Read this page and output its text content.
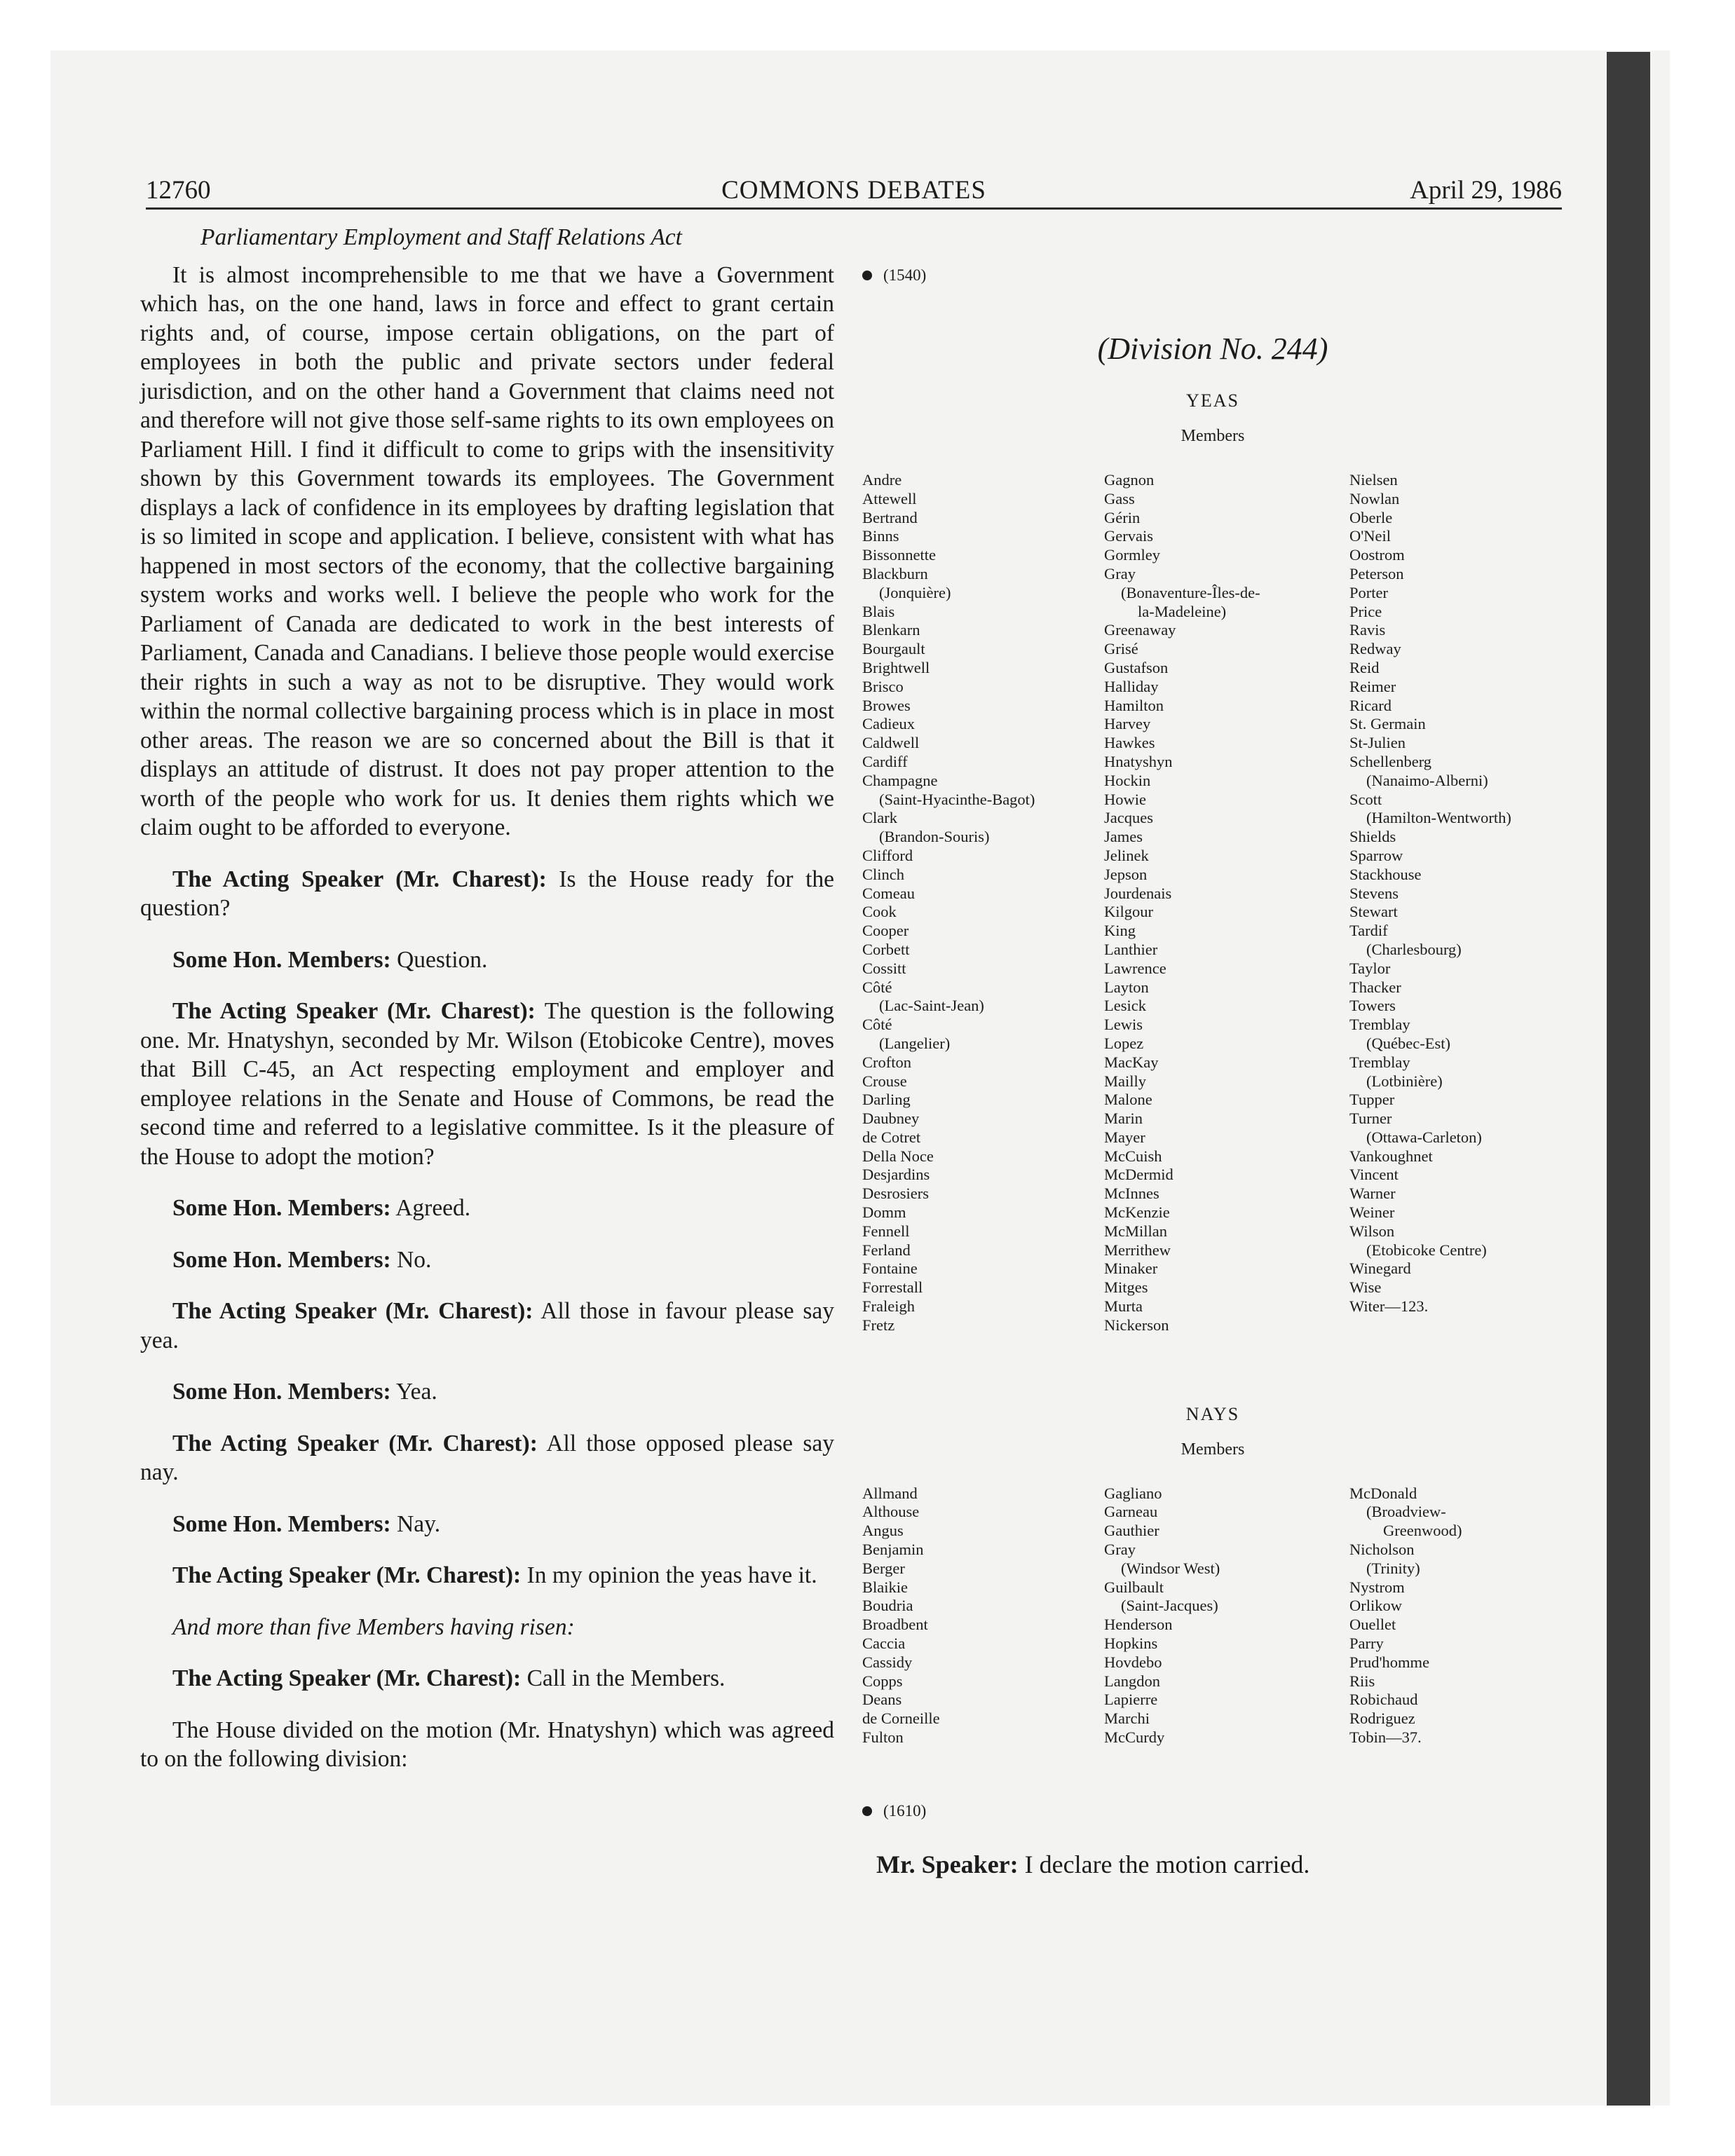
12760	COMMONS DEBATES	April 29, 1986
Parliamentary Employment and Staff Relations Act

It is almost incomprehensible to me that we have a Government which has, on the one hand, laws in force and effect to grant certain rights and, of course, impose certain obligations, on the part of employees in both the public and private sectors under federal jurisdiction, and on the other hand a Government that claims need not and therefore will not give those self-same rights to its own employees on Parliament Hill. I find it difficult to come to grips with the insensitivity shown by this Government towards its employees. The Government displays a lack of confidence in its employees by drafting legislation that is so limited in scope and application. I believe, consistent with what has happened in most sectors of the economy, that the collective bargaining system works and works well. I believe the people who work for the Parliament of Canada are dedicated to work in the best interests of Parliament, Canada and Canadians. I believe those people would exercise their rights in such a way as not to be disruptive. They would work within the normal collective bargaining process which is in place in most other areas. The reason we are so concerned about the Bill is that it displays an attitude of distrust. It does not pay proper attention to the worth of the people who work for us. It denies them rights which we claim ought to be afforded to everyone.

The Acting Speaker (Mr. Charest): Is the House ready for the question?

Some Hon. Members: Question.

The Acting Speaker (Mr. Charest): The question is the following one. Mr. Hnatyshyn, seconded by Mr. Wilson (Etobicoke Centre), moves that Bill C-45, an Act respecting employment and employer and employee relations in the Senate and House of Commons, be read the second time and referred to a legislative committee. Is it the pleasure of the House to adopt the motion?

Some Hon. Members: Agreed.

Some Hon. Members: No.

The Acting Speaker (Mr. Charest): All those in favour please say yea.

Some Hon. Members: Yea.

The Acting Speaker (Mr. Charest): All those opposed please say nay.

Some Hon. Members: Nay.

The Acting Speaker (Mr. Charest): In my opinion the yeas have it.

And more than five Members having risen:

The Acting Speaker (Mr. Charest): Call in the Members.

The House divided on the motion (Mr. Hnatyshyn) which was agreed to on the following division:

(1540)
(Division No. 244)
YEAS
Members
Andre
Attewell
Bertrand
Binns
Bissonnette
Blackburn
(Jonquière)
Blais
Blenkarn
Bourgault
Brightwell
Brisco
Browes
Cadieux
Caldwell
Cardiff
Champagne
(Saint-Hyacinthe-Bagot)
Clark
(Brandon-Souris)
Clifford
Clinch
Comeau
Cook
Cooper
Corbett
Cossitt
Côté
(Lac-Saint-Jean)
Côté
(Langelier)
Crofton
Crouse
Darling
Daubney
de Cotret
Della Noce
Desjardins
Desrosiers
Domm
Fennell
Ferland
Fontaine
Forrestall
Fraleigh
Fretz
Gagnon
Gass
Gérin
Gervais
Gormley
Gray
(Bonaventure-Îles-de-
la-Madeleine)
Greenaway
Grisé
Gustafson
Halliday
Hamilton
Harvey
Hawkes
Hnatyshyn
Hockin
Howie
Jacques
James
Jelinek
Jepson
Jourdenais
Kilgour
King
Lanthier
Lawrence
Layton
Lesick
Lewis
Lopez
MacKay
Mailly
Malone
Marin
Mayer
McCuish
McDermid
McInnes
McKenzie
McMillan
Merrithew
Minaker
Mitges
Murta
Nickerson
Nielsen
Nowlan
Oberle
O'Neil
Oostrom
Peterson
Porter
Price
Ravis
Redway
Reid
Reimer
Ricard
St. Germain
St-Julien
Schellenberg
(Nanaimo-Alberni)
Scott
(Hamilton-Wentworth)
Shields
Sparrow
Stackhouse
Stevens
Stewart
Tardif
(Charlesbourg)
Taylor
Thacker
Towers
Tremblay
(Québec-Est)
Tremblay
(Lotbinière)
Tupper
Turner
(Ottawa-Carleton)
Vankoughnet
Vincent
Warner
Weiner
Wilson
(Etobicoke Centre)
Winegard
Wise
Witer—123.
NAYS
Members
Allmand
Althouse
Angus
Benjamin
Berger
Blaikie
Boudria
Broadbent
Caccia
Cassidy
Copps
Deans
de Corneille
Fulton
Gagliano
Garneau
Gauthier
Gray
(Windsor West)
Guilbault
(Saint-Jacques)
Henderson
Hopkins
Hovdebo
Langdon
Lapierre
Marchi
McCurdy
McDonald
(Broadview-
Greenwood)
Nicholson
(Trinity)
Nystrom
Orlikow
Ouellet
Parry
Prud'homme
Riis
Robichaud
Rodriguez
Tobin—37.
(1610)
Mr. Speaker: I declare the motion carried.
